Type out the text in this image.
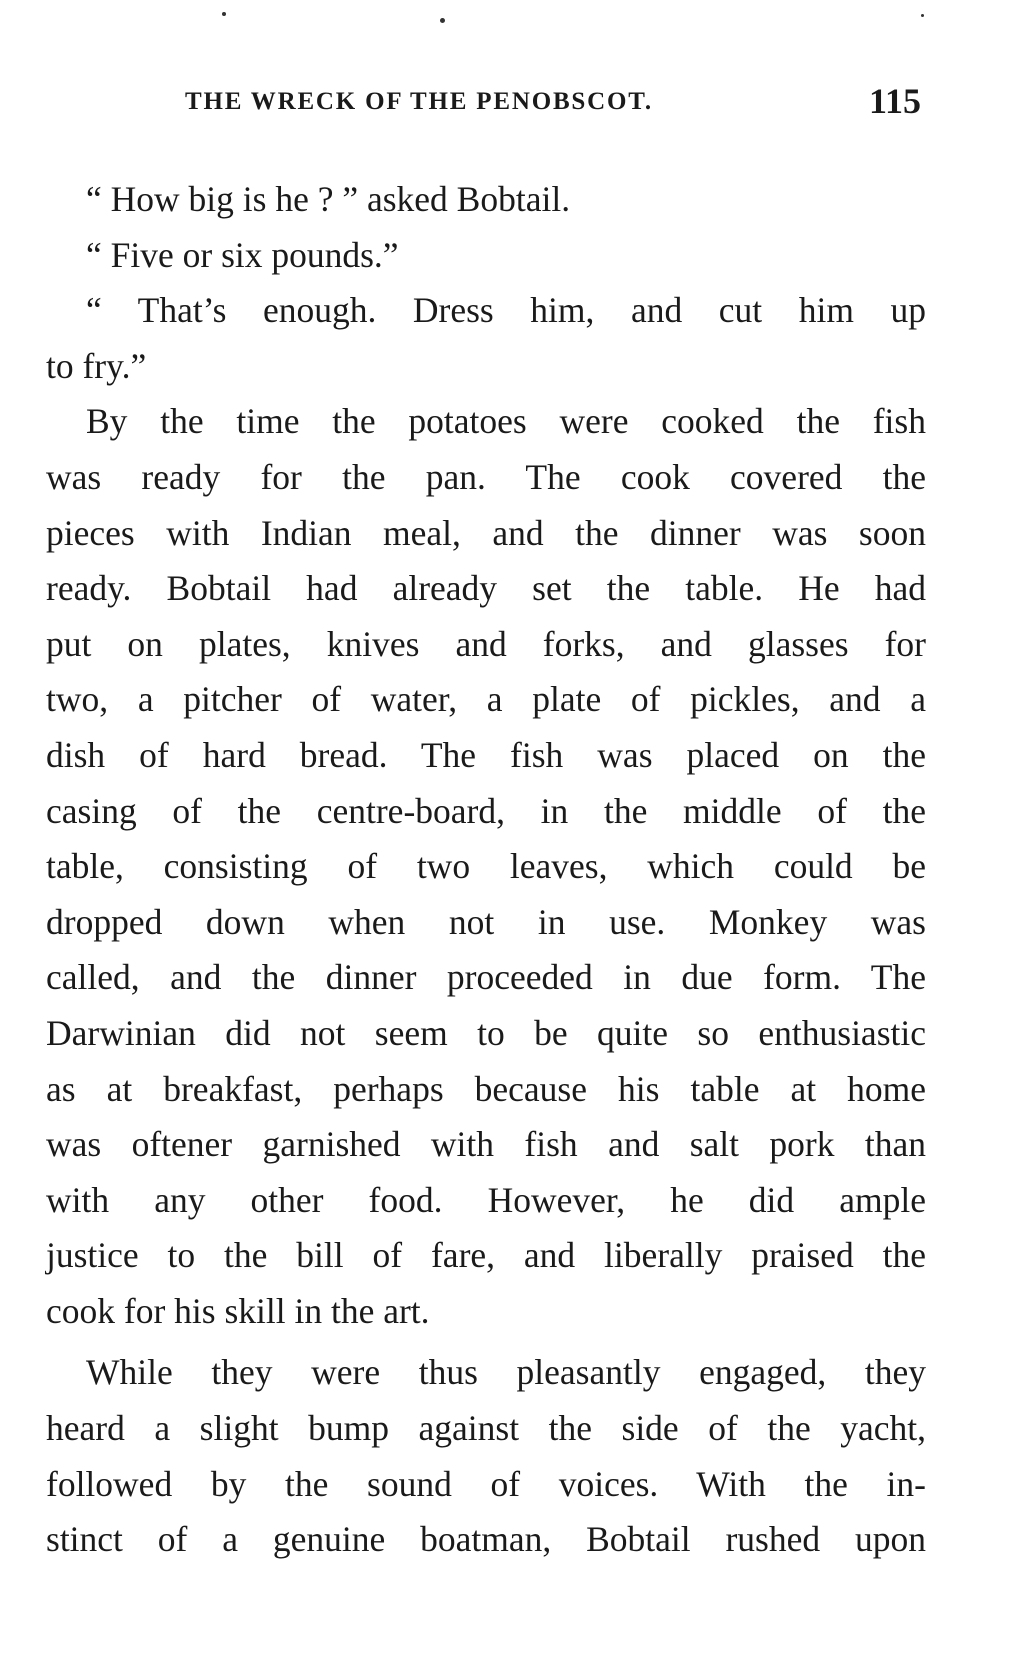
THE WRECK OF THE PENOBSCOT.	115
“ How big is he ? ” asked Bobtail.
“ Five or six pounds.”
“ That’s enough. Dress him, and cut him up
to fry.”
By the time the potatoes were cooked the fish
was ready for the pan. The cook covered the
pieces with Indian meal, and the dinner was soon
ready. Bobtail had already set the table. He had
put on plates, knives and forks, and glasses for
two, a pitcher of water, a plate of pickles, and a
dish of hard bread. The fish was placed on the
casing of the centre-board, in the middle of the
table, consisting of two leaves, which could be
dropped down when not in use. Monkey was
called, and the dinner proceeded in due form. The
Darwinian did not seem to be quite so enthusiastic
as at breakfast, perhaps because his table at home
was oftener garnished with fish and salt pork than
with any other food. However, he did ample
justice to the bill of fare, and liberally praised the
cook for his skill in the art.
While they were thus pleasantly engaged, they
heard a slight bump against the side of the yacht,
followed by the sound of voices. With the in-
stinct of a genuine boatman, Bobtail rushed upon
